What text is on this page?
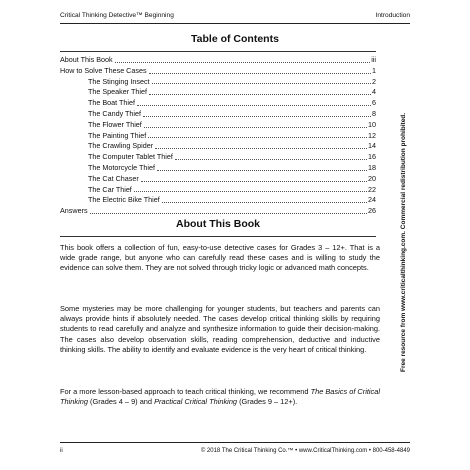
Critical Thinking Detective™ Beginning	Introduction
Table of Contents
About This Book	iii
How to Solve These Cases	1
The Stinging Insect	2
The Speaker Thief	4
The Boat Thief	6
The Candy Thief	8
The Flower Thief	10
The Painting Thief	12
The Crawling Spider	14
The Computer Tablet Thief	16
The Motorcycle Thief	18
The Cat Chaser	20
The Car Thief	22
The Electric Bike Thief	24
Answers	26
About This Book

This book offers a collection of fun, easy-to-use detective cases for Grades 3 – 12+. That is a wide grade range, but anyone who can carefully read these cases and is willing to study the evidence can solve them. They are not solved through tricky logic or advanced math concepts.

Some mysteries may be more challenging for younger students, but teachers and parents can always provide hints if absolutely needed. The cases develop critical thinking skills by requiring students to read carefully and analyze and synthesize information to guide their decision-making. The cases also develop observation skills, reading comprehension, deductive and inductive thinking skills. The ability to identify and evaluate evidence is the very heart of critical thinking.

For a more lesson-based approach to teach critical thinking, we recommend The Basics of Critical Thinking (Grades 4 – 9) and Practical Critical Thinking (Grades 9 – 12+).

Free resource from www.criticalthinking.com. Commercial redistribution prohibited.
ii	© 2018 The Critical Thinking Co.™ • www.CriticalThinking.com • 800-458-4849
